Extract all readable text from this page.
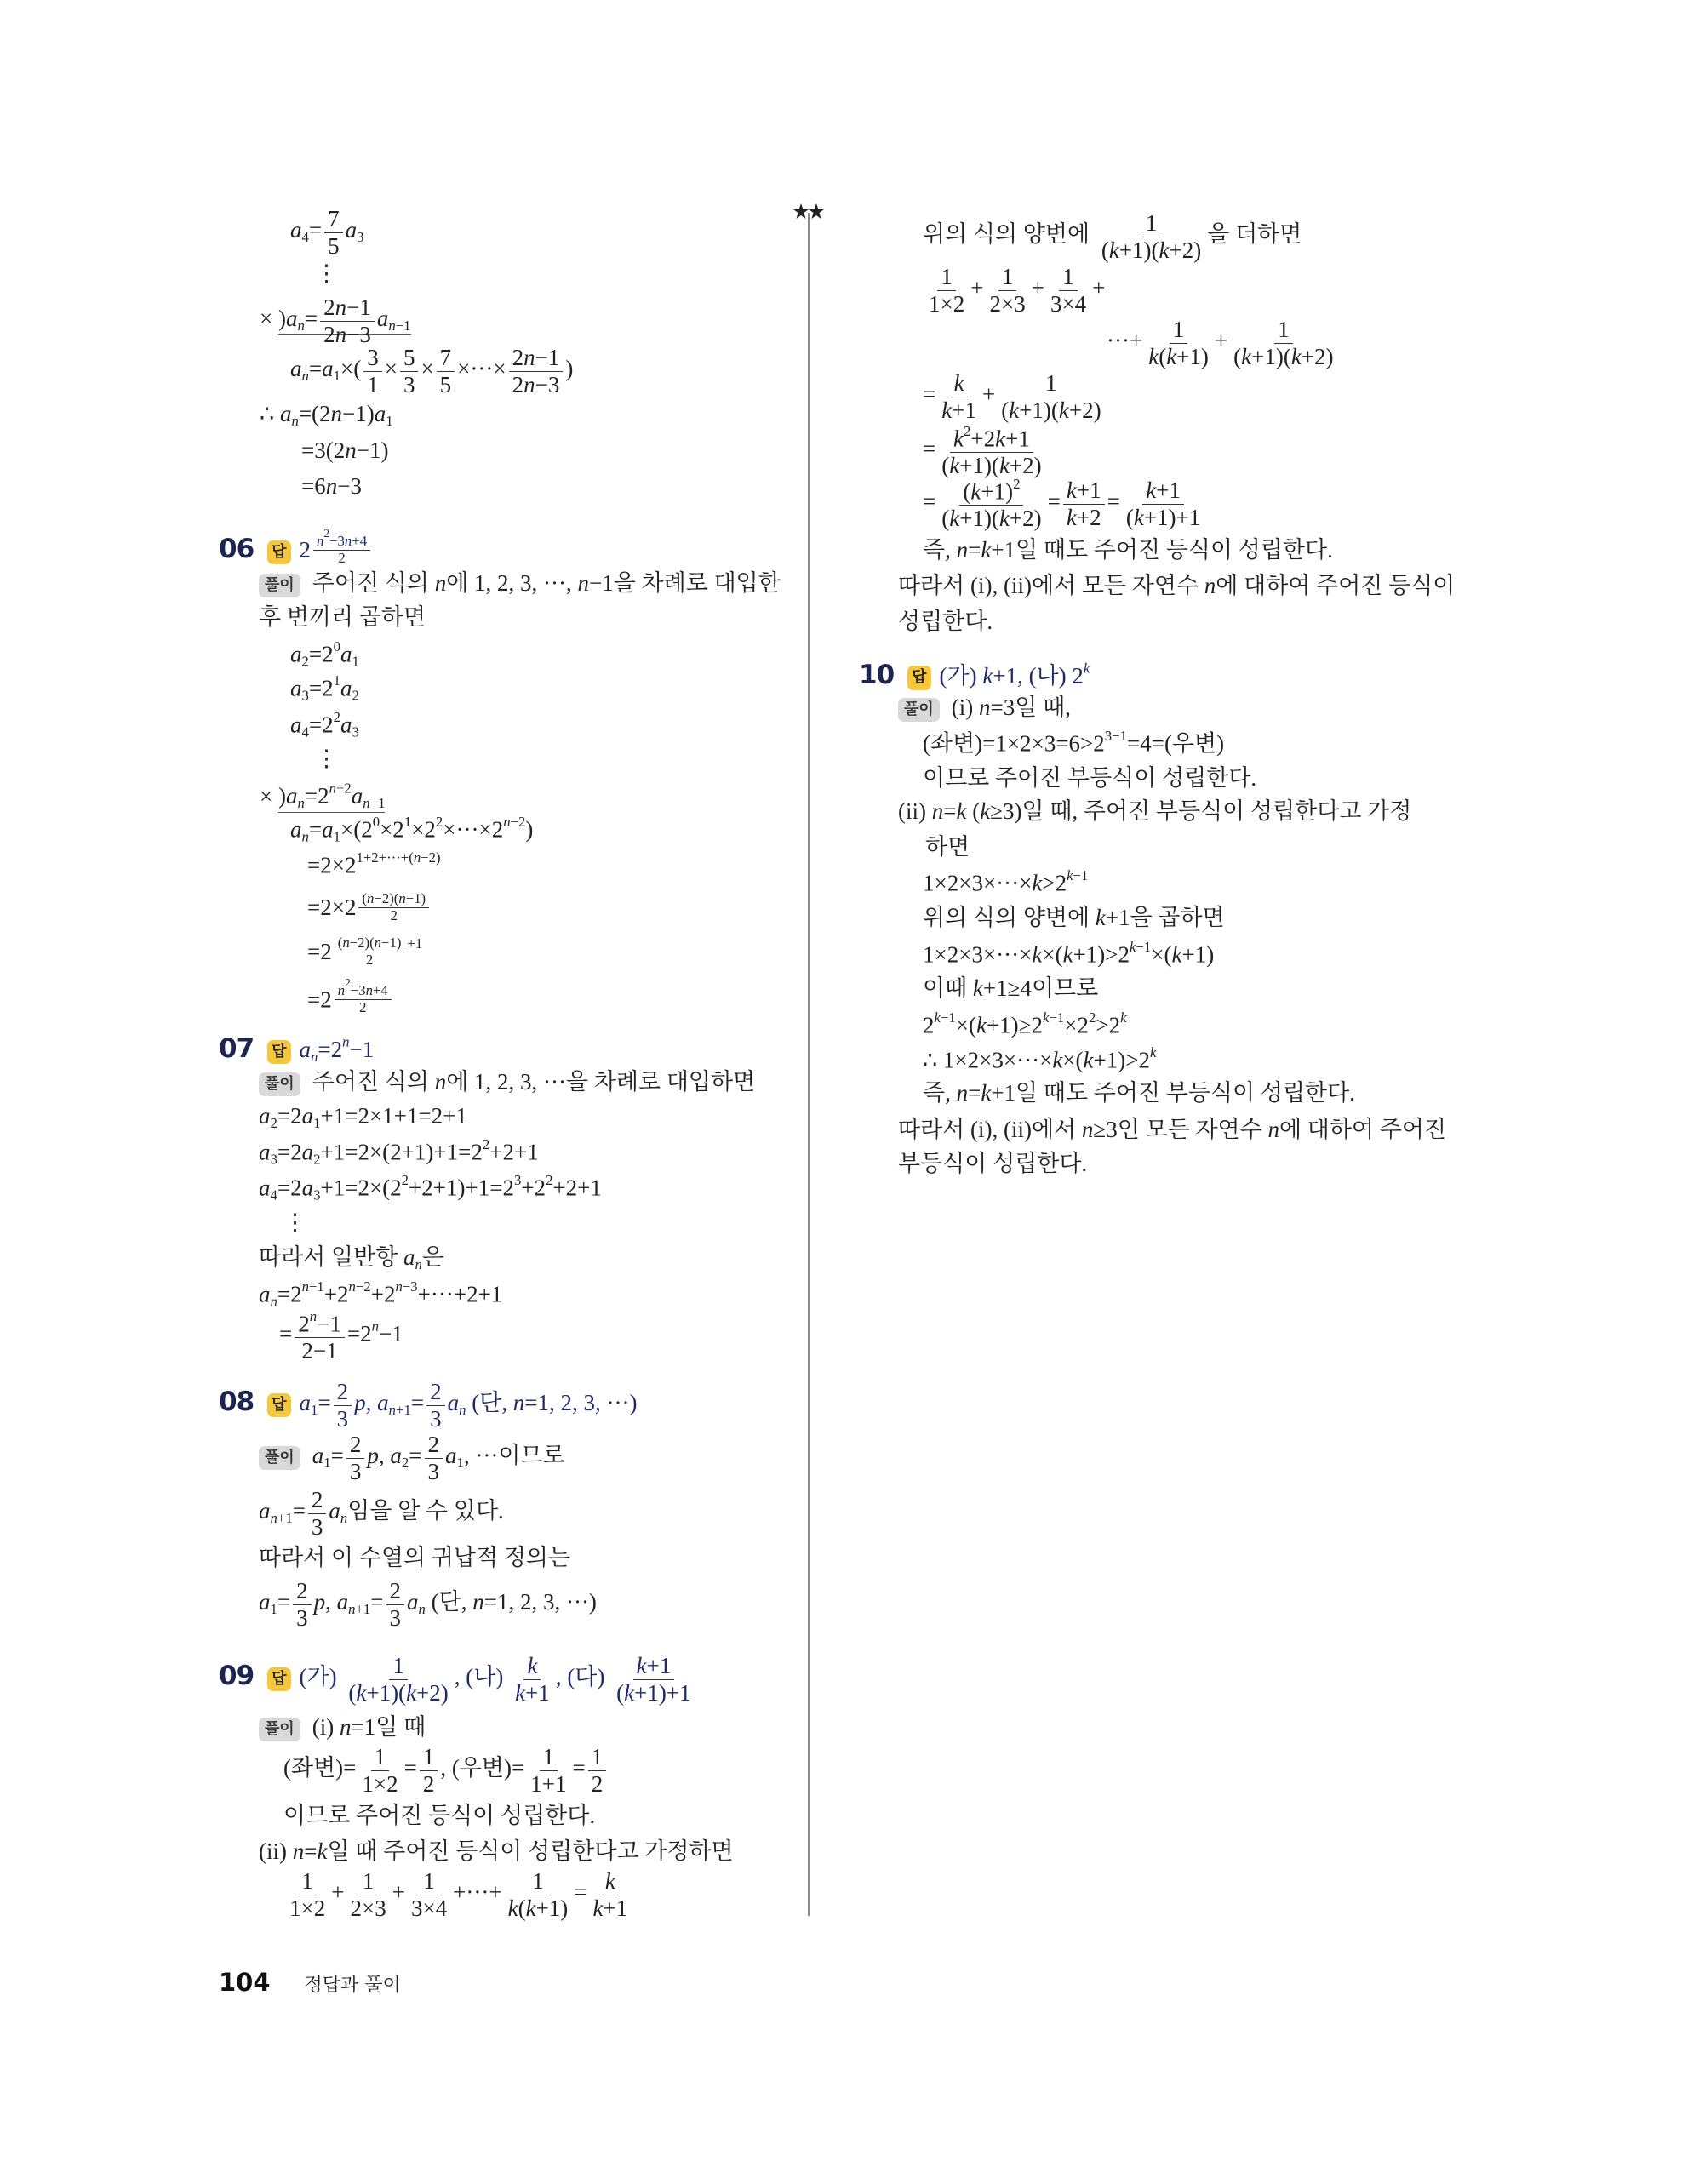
$a_4= \frac{7}{5} a_3$
⋮
× )$a_n= \frac{2n-1}{2n-3} a_{n-1}$
$a_n=a_1\times( \frac{3}{1} \times \frac{5}{3} \times \frac{7}{5}$ ×···× $\frac{2n-1}{2n-3}$ )
∴ $a_n=(2n-1)a_1$
=3(2n−1)
=6n−3
06 답 2 $^{\frac{n^2-3n+4}{2}}$
풀이 주어진 식의 n에 1, 2, 3, ···, n−1을 차례로 대입한
후 변끼리 곱하면
$a_2=2^0a_1$
$a_3=2^1a_2$
$a_4=2^2a_3$
⋮
× )$a_n=2^{n-2}a_{n-1}$
$a_n=a_1\times(2^0\times 2^1\times 2^2\times\cdot\cdot\cdot\times 2^{n-2})$
$=2\times 2^{1+2+\cdot\cdot\cdot+(n-2)}$
=2×2 $^{\frac{(n-2)(n-1)}{2}}$
=2 $^{\frac{(n-2)(n-1)}{2} +1}$
=2 $^{\frac{n^2-3n+4}{2}}$
07 답 $a_n=2^n-1$
풀이 주어진 식의 n에 1, 2, 3, ···을 차례로 대입하면
$a_2=2a_1+1=2\times 1+1=2+1$
$a_3=2a_2+1=2\times(2+1)+1=2^2+2+1$
$a_4=2a_3+1=2\times(2^2+2+1)+1=2^3+2^2+2+1$
⋮
따라서 일반항 $a_n$은
$a_n=2^{n-1}+2^{n-2}+2^{n-3}+\cdot\cdot\cdot+2+1$
= $\frac{2^n-1}{2-1} =2^n-1$
08 답 $a_1= \frac{2}{3} p$, $a_{n+1}= \frac{2}{3} a_n$ (단, n=1, 2, 3, ···)
풀이 $a_1= \frac{2}{3} p$, $a_2= \frac{2}{3} a_1$, ···이므로
$a_{n+1}= \frac{2}{3} a_n$임을 알 수 있다.
따라서 이 수열의 귀납적 정의는
$a_1= \frac{2}{3} p$, $a_{n+1}= \frac{2}{3} a_n$ (단, n=1, 2, 3, ···)
09 답 (가) $\frac{1}{(k+1)(k+2)}$ , (나) $\frac{k}{k+1}$ , (다) $\frac{k+1}{(k+1)+1}$
풀이 (i) n=1일 때
(좌변)= $\frac{1}{1\times 2} = \frac{1}{2}$ , (우변)= $\frac{1}{1+1} = \frac{1}{2}$
이므로 주어진 등식이 성립한다.
(ii) n=k일 때 주어진 등식이 성립한다고 가정하면
$\frac{1}{1\times 2} + \frac{1}{2\times 3} + \frac{1}{3\times 4}$ +···+ $\frac{1}{k(k+1)} = \frac{k}{k+1}$
위의 식의 양변에 $\frac{1}{(k+1)(k+2)}$ 을 더하면
$\frac{1}{1\times 2} + \frac{1}{2\times 3} + \frac{1}{3\times 4}$ +
···+ $\frac{1}{k(k+1)} + \frac{1}{(k+1)(k+2)}$
= $\frac{k}{k+1} + \frac{1}{(k+1)(k+2)}$
= $\frac{k^2+2k+1}{(k+1)(k+2)}$
= $\frac{(k+1)^2}{(k+1)(k+2)} = \frac{k+1}{k+2} = \frac{k+1}{(k+1)+1}$
즉, n=k+1일 때도 주어진 등식이 성립한다.
따라서 (i), (ii)에서 모든 자연수 n에 대하여 주어진 등식이
성립한다.
10 답 (가) k+1, (나) 2$^k$
풀이 (i) n=3일 때,
(좌변)$=1\times 2\times 3=6>2^{3-1}=4=$(우변)
이므로 주어진 부등식이 성립한다.
(ii) n=k (k≥3)일 때, 주어진 부등식이 성립한다고 가정
하면
$1\times 2\times 3\times\cdot\cdot\cdot\times k>2^{k-1}$
위의 식의 양변에 k+1을 곱하면
$1\times 2\times 3\times\cdot\cdot\cdot\times k\times(k+1)>2^{k-1}\times(k+1)$
이때 k+1≥4이므로
$2^{k-1}\times(k+1)\ge 2^{k-1}\times 2^2>2^k$
∴ $1\times 2\times 3\times\cdot\cdot\cdot\times k\times(k+1)>2^k$
즉, n=k+1일 때도 주어진 부등식이 성립한다.
따라서 (i), (ii)에서 n≥3인 모든 자연수 n에 대하여 주어진
부등식이 성립한다.
104 정답과 풀이
